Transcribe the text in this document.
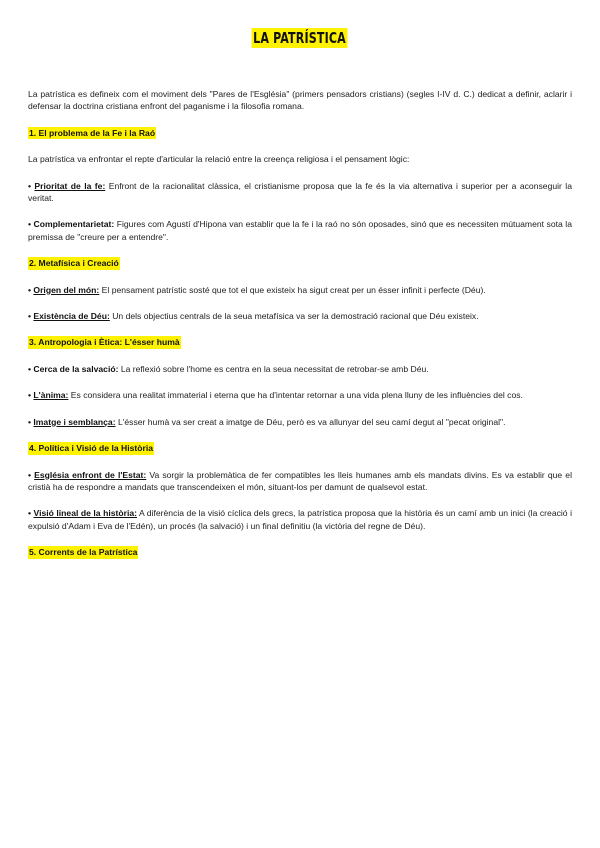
LA PATRÍSTICA

La patrística es defineix com el moviment dels "Pares de l'Església" (primers pensadors cristians) (segles I-IV d. C.) dedicat a definir, aclarir i defensar la doctrina cristiana enfront del paganisme i la filosofia romana.

1. El problema de la Fe i la Raó

La patrística va enfrontar el repte d'articular la relació entre la creença religiosa i el pensament lògic:

• Prioritat de la fe: Enfront de la racionalitat clàssica, el cristianisme proposa que la fe és la via alternativa i superior per a aconseguir la veritat.

• Complementarietat: Figures com Agustí d'Hipona van establir que la fe i la raó no són oposades, sinó que es necessiten mútuament sota la premissa de "creure per a entendre".

2. Metafísica i Creació

• Origen del món: El pensament patrístic sosté que tot el que existeix ha sigut creat per un ésser infinit i perfecte (Déu).

• Existència de Déu: Un dels objectius centrals de la seua metafísica va ser la demostració racional que Déu existeix.

3. Antropologia i Ètica: L'ésser humà

• Cerca de la salvació: La reflexió sobre l'home es centra en la seua necessitat de retrobar-se amb Déu.

• L'ànima: Es considera una realitat immaterial i eterna que ha d'intentar retornar a una vida plena lluny de les influències del cos.

• Imatge i semblança: L'ésser humà va ser creat a imatge de Déu, però es va allunyar del seu camí degut al "pecat original".

4. Política i Visió de la Història

• Església enfront de l'Estat: Va sorgir la problemàtica de fer compatibles les lleis humanes amb els mandats divins. Es va establir que el cristià ha de respondre a mandats que transcendeixen el món, situant-los per damunt de qualsevol estat.

• Visió lineal de la història: A diferència de la visió cíclica dels grecs, la patrística proposa que la història és un camí amb un inici (la creació i expulsió d'Adam i Eva de l'Edén), un procés (la salvació) i un final definitiu (la victòria del regne de Déu).

5. Corrents de la Patrística
